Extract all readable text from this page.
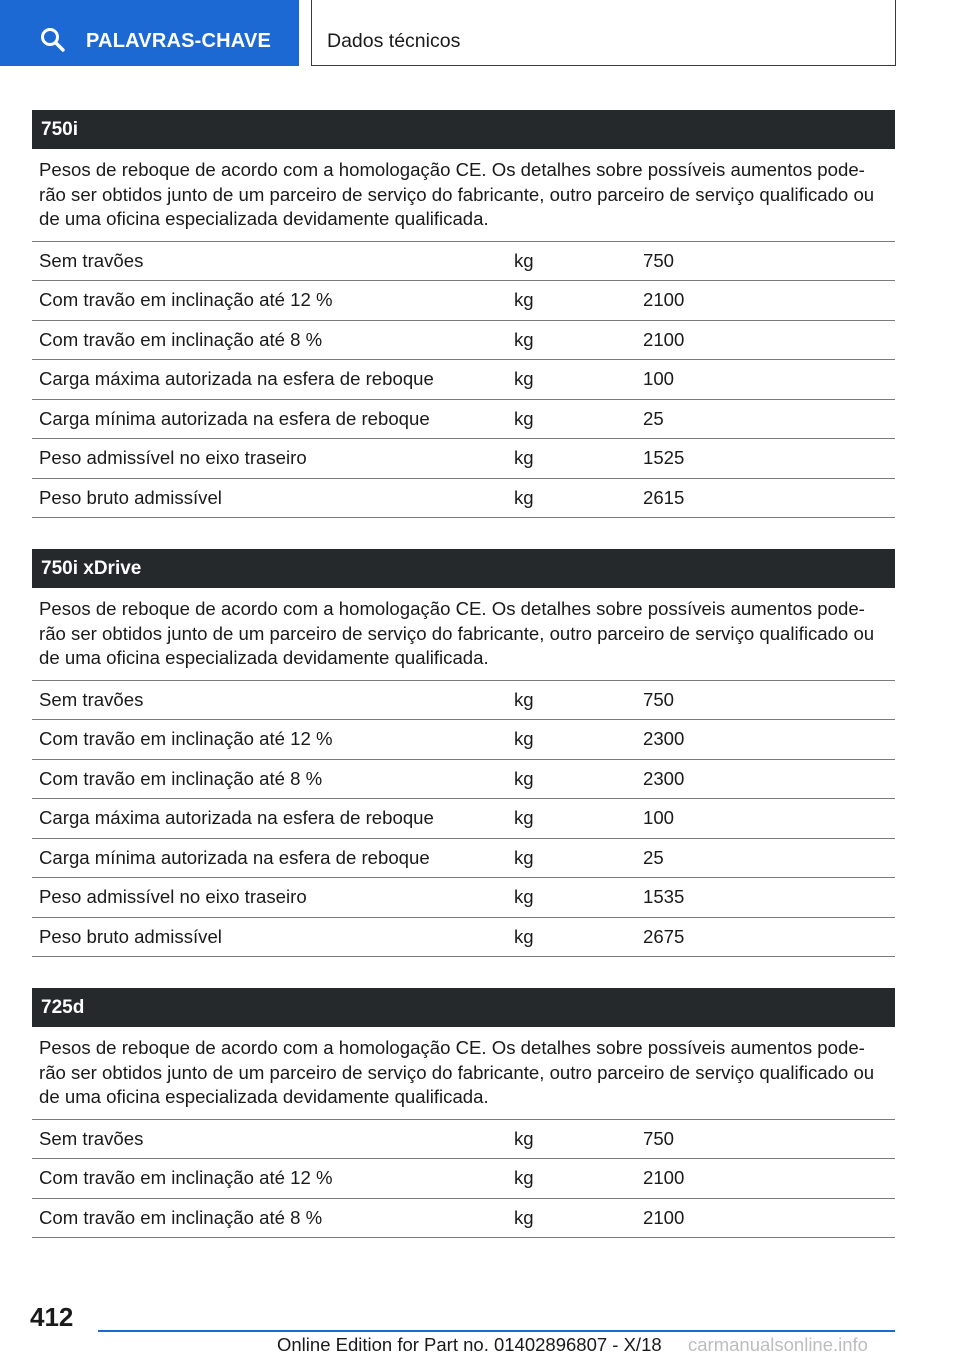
PALAVRAS-CHAVE	Dados técnicos
750i
Pesos de reboque de acordo com a homologação CE. Os detalhes sobre possíveis aumentos pode-rão ser obtidos junto de um parceiro de serviço do fabricante, outro parceiro de serviço qualificado ou de uma oficina especializada devidamente qualificada.
Sem travões	kg	750
Com travão em inclinação até 12 %	kg	2100
Com travão em inclinação até 8 %	kg	2100
Carga máxima autorizada na esfera de reboque	kg	100
Carga mínima autorizada na esfera de reboque	kg	25
Peso admissível no eixo traseiro	kg	1525
Peso bruto admissível	kg	2615
750i xDrive
Pesos de reboque de acordo com a homologação CE. Os detalhes sobre possíveis aumentos pode-rão ser obtidos junto de um parceiro de serviço do fabricante, outro parceiro de serviço qualificado ou de uma oficina especializada devidamente qualificada.
Sem travões	kg	750
Com travão em inclinação até 12 %	kg	2300
Com travão em inclinação até 8 %	kg	2300
Carga máxima autorizada na esfera de reboque	kg	100
Carga mínima autorizada na esfera de reboque	kg	25
Peso admissível no eixo traseiro	kg	1535
Peso bruto admissível	kg	2675
725d
Pesos de reboque de acordo com a homologação CE. Os detalhes sobre possíveis aumentos pode-rão ser obtidos junto de um parceiro de serviço do fabricante, outro parceiro de serviço qualificado ou de uma oficina especializada devidamente qualificada.
Sem travões	kg	750
Com travão em inclinação até 12 %	kg	2100
Com travão em inclinação até 8 %	kg	2100
412
Online Edition for Part no. 01402896807 - X/18 carmanualsonline.info
